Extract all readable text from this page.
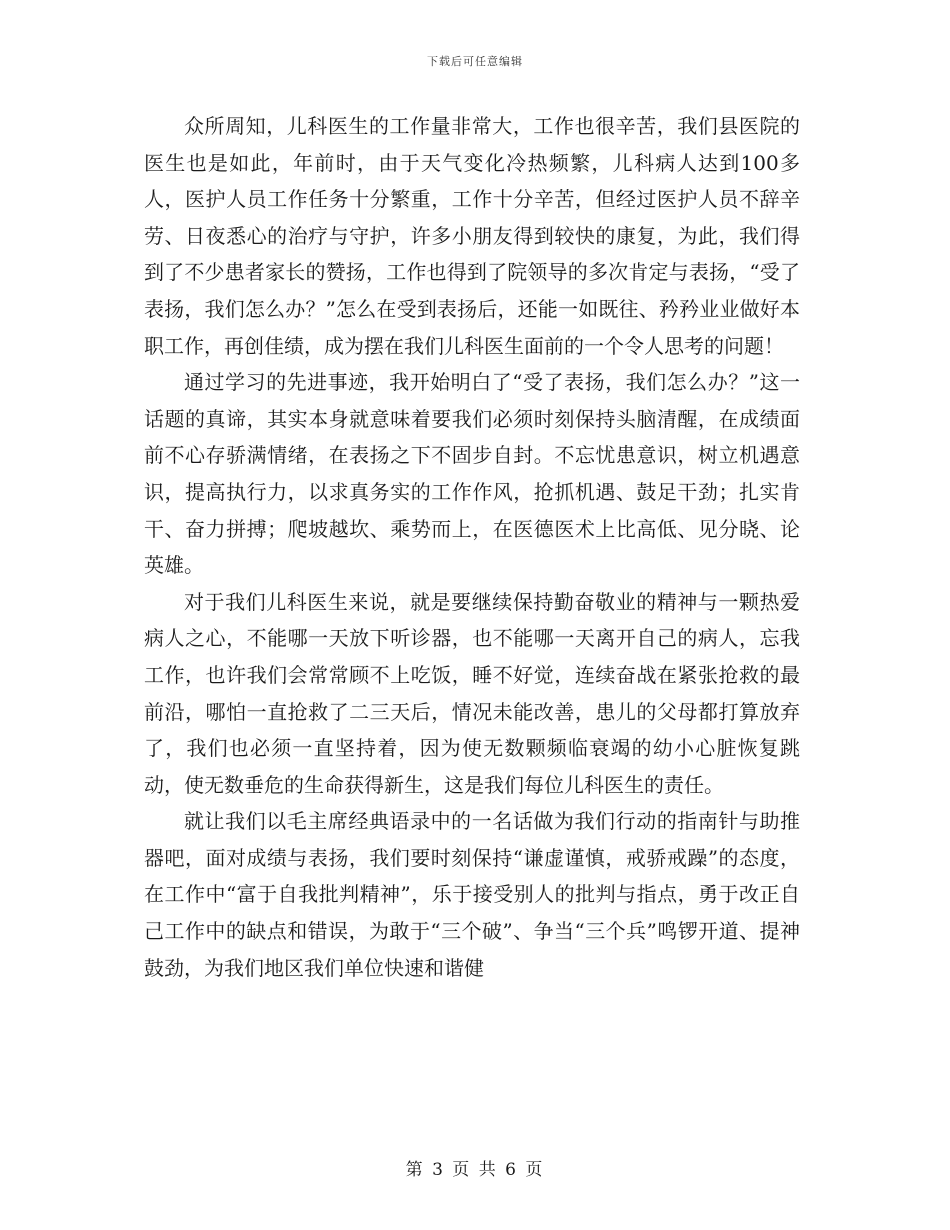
下载后可任意编辑

众所周知，儿科医生的工作量非常大，工作也很辛苦，我们县医院的医生也是如此，年前时，由于天气变化冷热频繁，儿科病人达到100多人，医护人员工作任务十分繁重，工作十分辛苦，但经过医护人员不辞辛劳、日夜悉心的治疗与守护，许多小朋友得到较快的康复，为此，我们得到了不少患者家长的赞扬，工作也得到了院领导的多次肯定与表扬，“受了表扬，我们怎么办？”怎么在受到表扬后，还能一如既往、矜矜业业做好本职工作，再创佳绩，成为摆在我们儿科医生面前的一个令人思考的问题！

通过学习的先进事迹，我开始明白了“受了表扬，我们怎么办？”这一话题的真谛，其实本身就意味着要我们必须时刻保持头脑清醒，在成绩面前不心存骄满情绪，在表扬之下不固步自封。不忘忧患意识，树立机遇意识，提高执行力，以求真务实的工作作风，抢抓机遇、鼓足干劲；扎实肯干、奋力拼搏；爬坡越坎、乘势而上，在医德医术上比高低、见分晓、论英雄。

对于我们儿科医生来说，就是要继续保持勤奋敬业的精神与一颗热爱病人之心，不能哪一天放下听诊器，也不能哪一天离开自己的病人，忘我工作，也许我们会常常顾不上吃饭，睡不好觉，连续奋战在紧张抢救的最前沿，哪怕一直抢救了二三天后，情况未能改善，患儿的父母都打算放弃了，我们也必须一直坚持着，因为使无数颗频临衰竭的幼小心脏恢复跳动，使无数垂危的生命获得新生，这是我们每位儿科医生的责任。

就让我们以毛主席经典语录中的一名话做为我们行动的指南针与助推器吧，面对成绩与表扬，我们要时刻保持“谦虚谨慎，戒骄戒躁”的态度，在工作中“富于自我批判精神”，乐于接受别人的批判与指点，勇于改正自己工作中的缺点和错误，为敢于“三个破”、争当“三个兵”鸣锣开道、提神鼓劲，为我们地区我们单位快速和谐健

第 3 页 共 6 页
